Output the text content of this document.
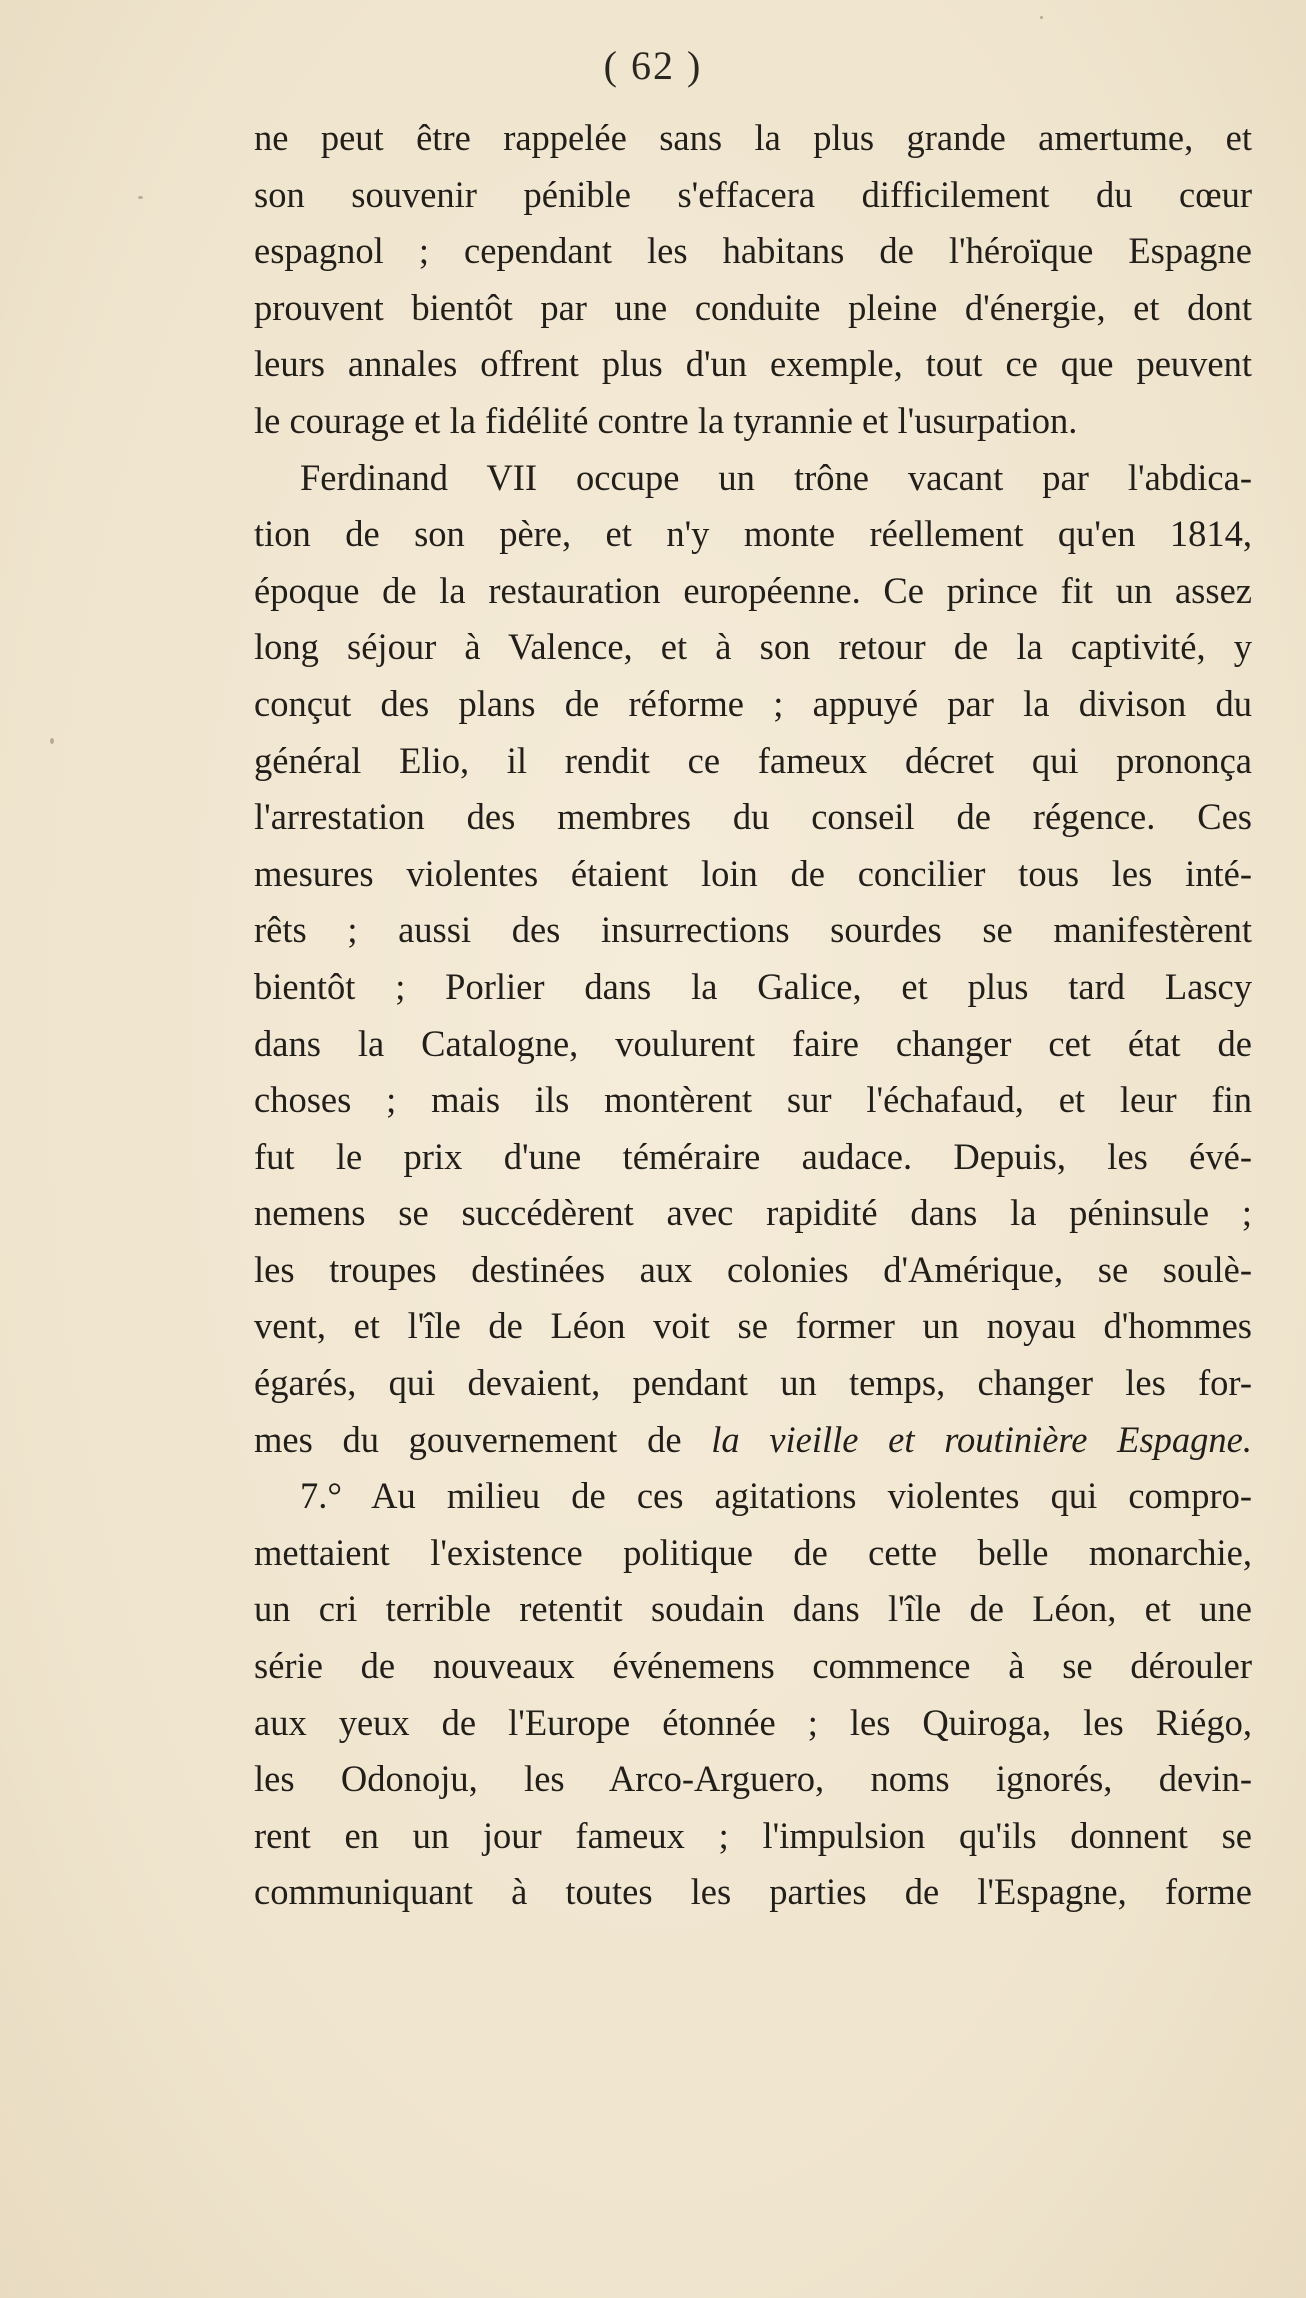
( 62 )
ne peut être rappelée sans la plus grande amertume, et
son souvenir pénible s'effacera difficilement du cœur
espagnol ; cependant les habitans de l'héroïque Espagne
prouvent bientôt par une conduite pleine d'énergie, et dont
leurs annales offrent plus d'un exemple, tout ce que peuvent
le courage et la fidélité contre la tyrannie et l'usurpation.
Ferdinand VII occupe un trône vacant par l'abdica-
tion de son père, et n'y monte réellement qu'en 1814,
époque de la restauration européenne. Ce prince fit un assez
long séjour à Valence, et à son retour de la captivité, y
conçut des plans de réforme ; appuyé par la divison du
général Elio, il rendit ce fameux décret qui prononça
l'arrestation des membres du conseil de régence. Ces
mesures violentes étaient loin de concilier tous les inté-
rêts ; aussi des insurrections sourdes se manifestèrent
bientôt ; Porlier dans la Galice, et plus tard Lascy
dans la Catalogne, voulurent faire changer cet état de
choses ; mais ils montèrent sur l'échafaud, et leur fin
fut le prix d'une téméraire audace. Depuis, les évé-
nemens se succédèrent avec rapidité dans la péninsule ;
les troupes destinées aux colonies d'Amérique, se soulè-
vent, et l'île de Léon voit se former un noyau d'hommes
égarés, qui devaient, pendant un temps, changer les for-
mes du gouvernement de la vieille et routinière Espagne.
7.° Au milieu de ces agitations violentes qui compro-
mettaient l'existence politique de cette belle monarchie,
un cri terrible retentit soudain dans l'île de Léon, et une
série de nouveaux événemens commence à se dérouler
aux yeux de l'Europe étonnée ; les Quiroga, les Riégo,
les Odonoju, les Arco-Arguero, noms ignorés, devin-
rent en un jour fameux ; l'impulsion qu'ils donnent se
communiquant à toutes les parties de l'Espagne, forme
